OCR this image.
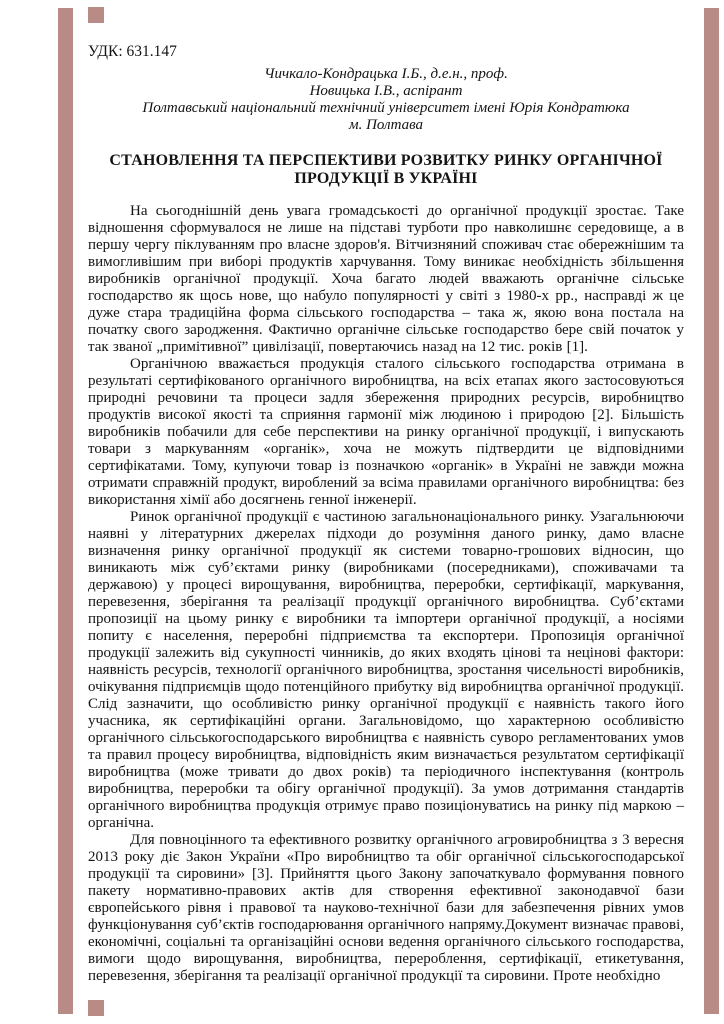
УДК: 631.147
Чичкало-Кондрацька І.Б., д.е.н., проф.
Новицька І.В., аспірант
Полтавський національний технічний університет імені Юрія Кондратюка
м. Полтава
СТАНОВЛЕННЯ ТА ПЕРСПЕКТИВИ РОЗВИТКУ РИНКУ ОРГАНІЧНОЇ
ПРОДУКЦІЇ В УКРАЇНІ

На сьогоднішній день увага громадськості до органічної продукції зростає. Таке відношення сформувалося не лише на підставі турботи про навколишнє середовище, а в першу чергу піклуванням про власне здоров'я. Вітчизняний споживач стає обережнішим та вимогливішим при виборі продуктів харчування. Тому виникає необхідність збільшення виробників органічної продукції. Хоча багато людей вважають органічне сільське господарство як щось нове, що набуло популярності у світі з 1980-х рр., насправді ж це дуже стара традиційна форма сільського господарства – така ж, якою вона постала на початку свого зародження. Фактично органічне сільське господарство бере свій початок у так званої „примітивної” цивілізації, повертаючись назад на 12 тис. років [1].

Органічною вважається продукція сталого сільського господарства отримана в результаті сертифікованого органічного виробництва, на всіх етапах якого застосовуються природні речовини та процеси задля збереження природних ресурсів, виробництво продуктів високої якості та сприяння гармонії між людиною і природою [2]. Більшість виробників побачили для себе перспективи на ринку органічної продукції, і випускають товари з маркуванням «органік», хоча не можуть підтвердити це відповідними сертифікатами. Тому, купуючи товар із позначкою «органік» в Україні не завжди можна отримати справжній продукт, вироблений за всіма правилами органічного виробництва: без використання хімії або досягнень генної інженерії.

Ринок органічної продукції є частиною загальнонаціонального ринку. Узагальнюючи наявні у літературних джерелах підходи до розуміння даного ринку, дамо власне визначення ринку органічної продукції як системи товарно-грошових відносин, що виникають між суб’єктами ринку (виробниками (посередниками), споживачами та державою) у процесі вирощування, виробництва, переробки, сертифікації, маркування, перевезення, зберігання та реалізації продукції органічного виробництва. Суб’єктами пропозиції на цьому ринку є виробники та імпортери органічної продукції, а носіями попиту є населення, переробні підприємства та експортери. Пропозиція органічної продукції залежить від сукупності чинників, до яких входять цінові та нецінові фактори: наявність ресурсів, технології органічного виробництва, зростання чисельності виробників, очікування підприємців щодо потенційного прибутку від виробництва органічної продукції. Слід зазначити, що особливістю ринку органічної продукції є наявність такого його учасника, як сертифікаційні органи. Загальновідомо, що характерною особливістю органічного сільськогосподарського виробництва є наявність суворо регламентованих умов та правил процесу виробництва, відповідність яким визначається результатом сертифікації виробництва (може тривати до двох років) та періодичного інспектування (контроль виробництва, переробки та обігу органічної продукції). За умов дотримання стандартів органічного виробництва продукція отримує право позиціонуватись на ринку під маркою – органічна.

Для повноцінного та ефективного розвитку органічного агровиробництва з 3 вересня 2013 року діє Закон України «Про виробництво та обіг органічної сільськогосподарської продукції та сировини» [3]. Прийняття цього Закону започаткувало формування повного пакету нормативно-правових актів для створення ефективної законодавчої бази європейського рівня і правової та науково-технічної бази для забезпечення рівних умов функціонування суб’єктів господарювання органічного напряму.Документ визначає правові, економічні, соціальні та організаційні основи ведення органічного сільського господарства, вимоги щодо вирощування, виробництва, перероблення, сертифікації, етикетування, перевезення, зберігання та реалізації органічної продукції та сировини. Проте необхідно
